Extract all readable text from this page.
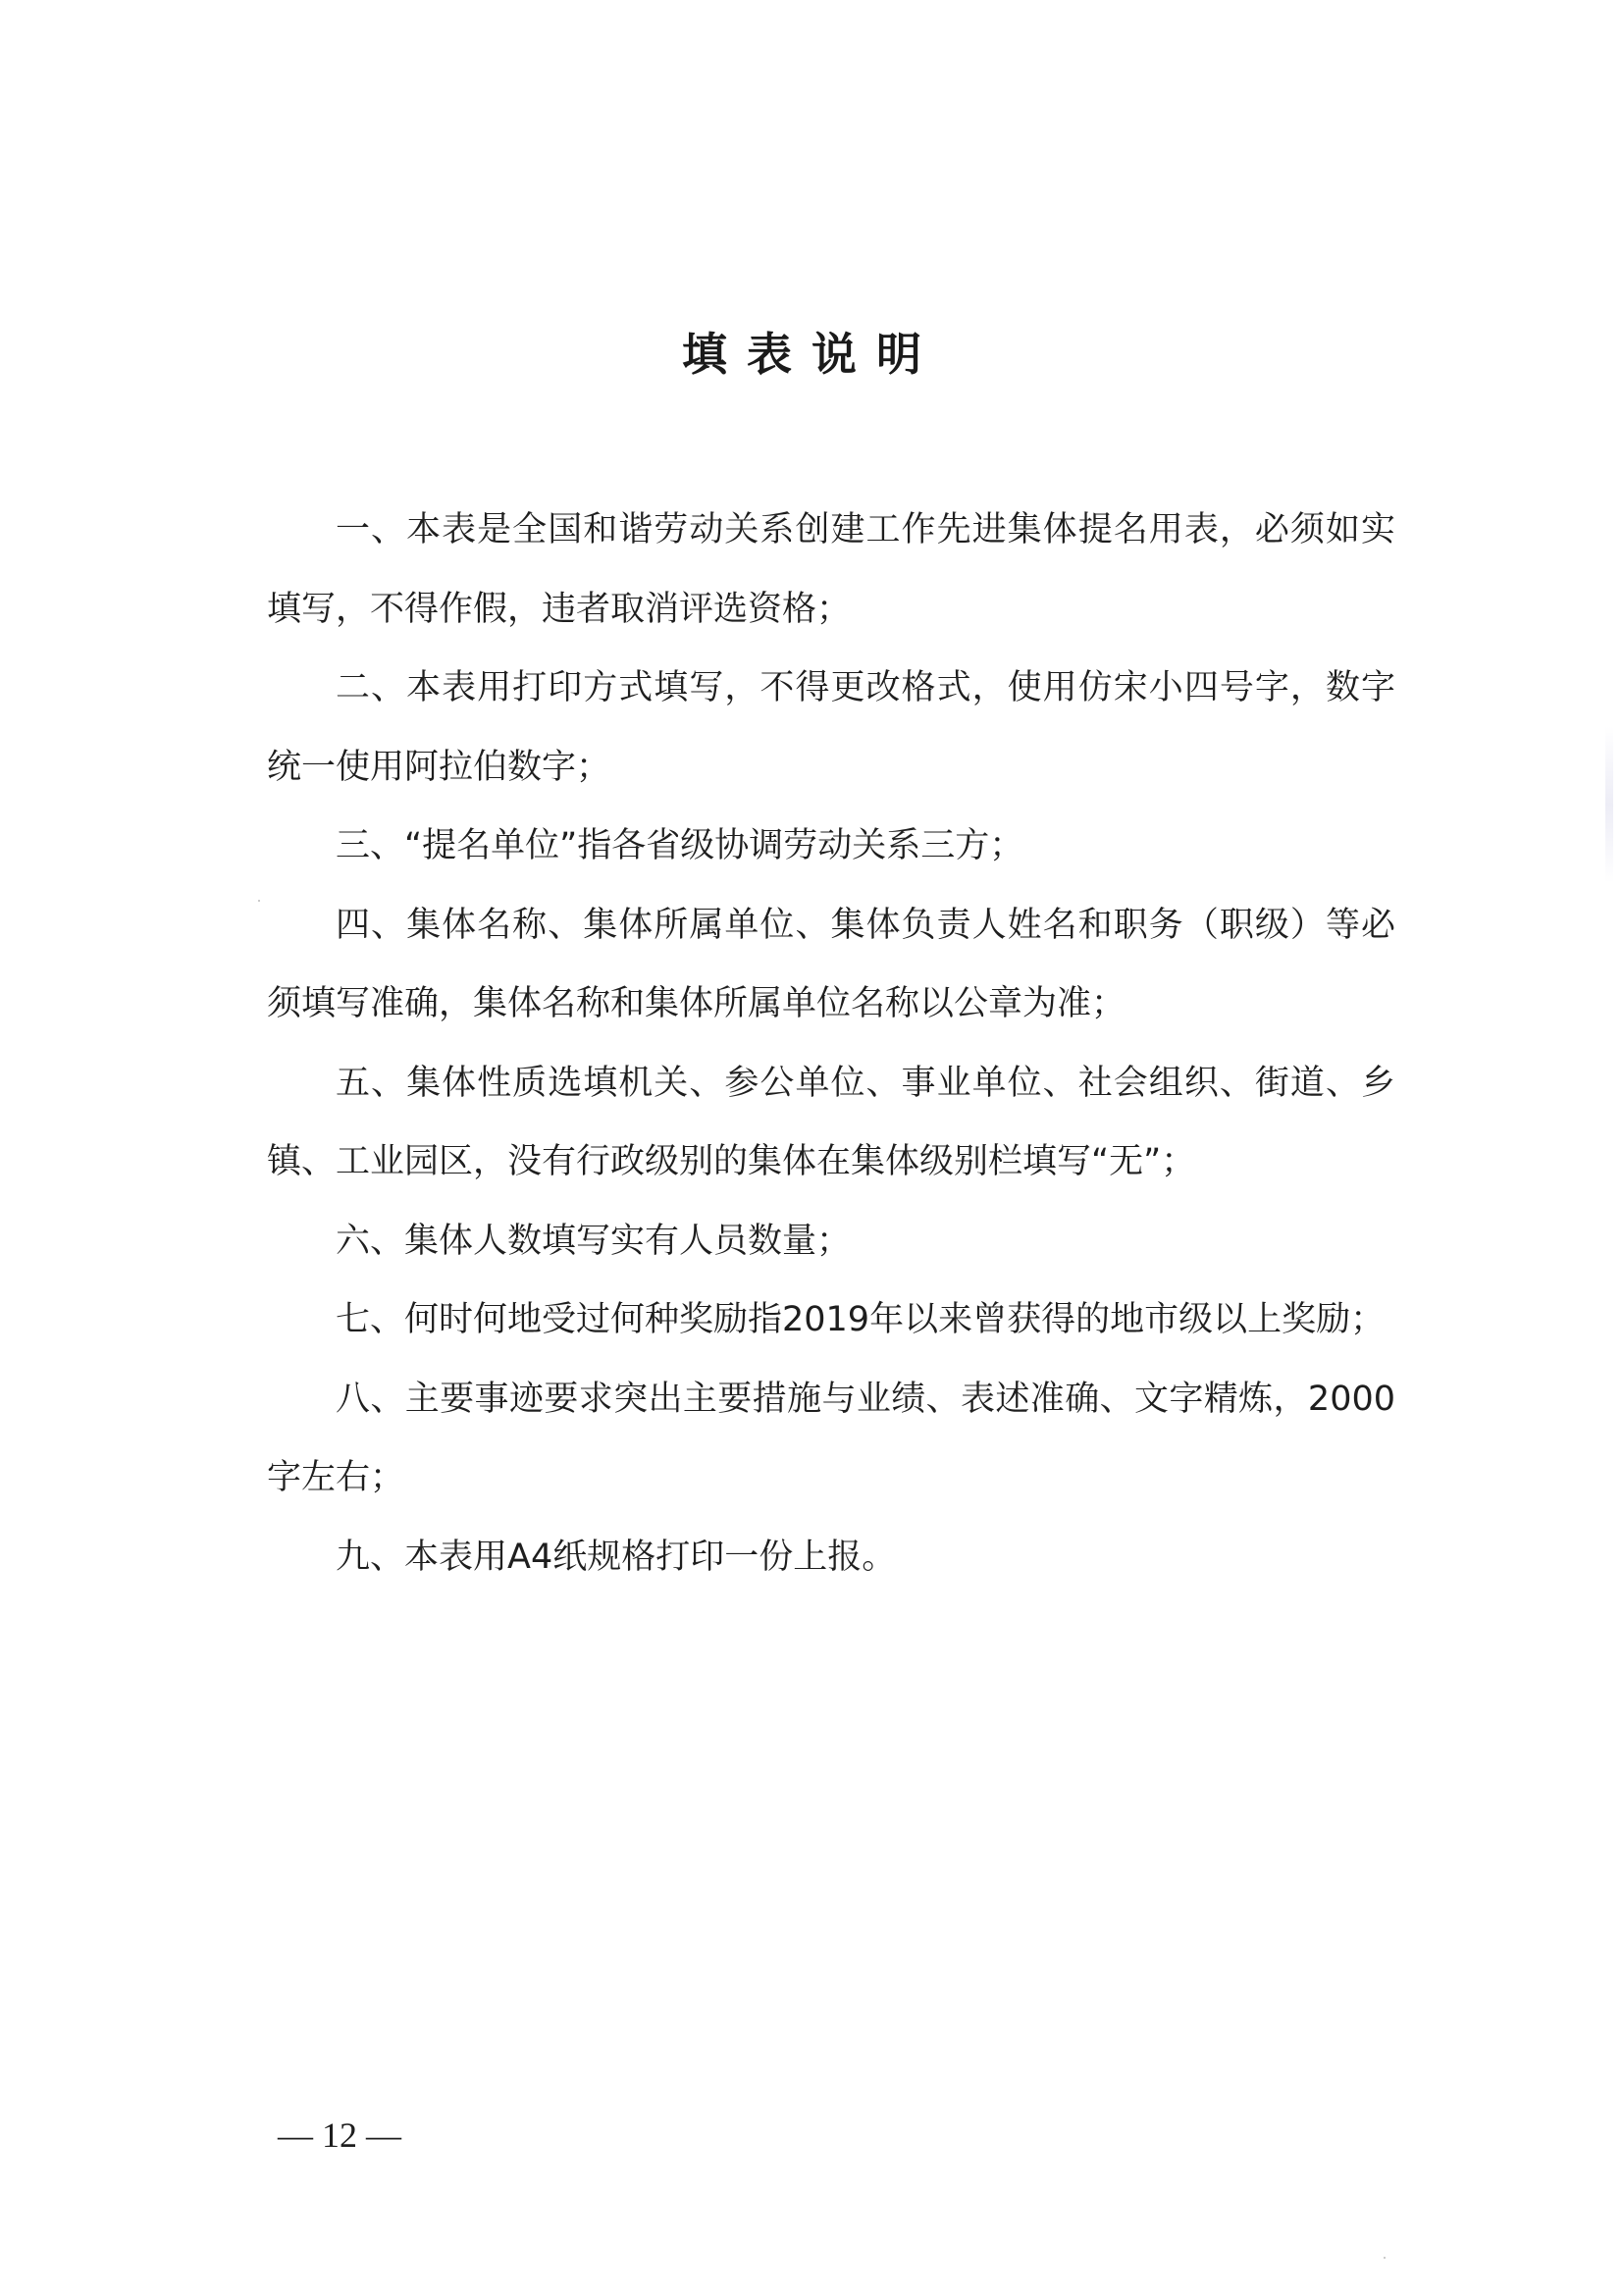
填表说明

一、本表是全国和谐劳动关系创建工作先进集体提名用表，必须如实填写，不得作假，违者取消评选资格；

二、本表用打印方式填写，不得更改格式，使用仿宋小四号字，数字统一使用阿拉伯数字；

三、“提名单位”指各省级协调劳动关系三方；

四、集体名称、集体所属单位、集体负责人姓名和职务（职级）等必须填写准确，集体名称和集体所属单位名称以公章为准；

五、集体性质选填机关、参公单位、事业单位、社会组织、街道、乡镇、工业园区，没有行政级别的集体在集体级别栏填写“无”；

六、集体人数填写实有人员数量；

七、何时何地受过何种奖励指2019年以来曾获得的地市级以上奖励；

八、主要事迹要求突出主要措施与业绩、表述准确、文字精炼，2000字左右；

九、本表用A4纸规格打印一份上报。

— 12 —
